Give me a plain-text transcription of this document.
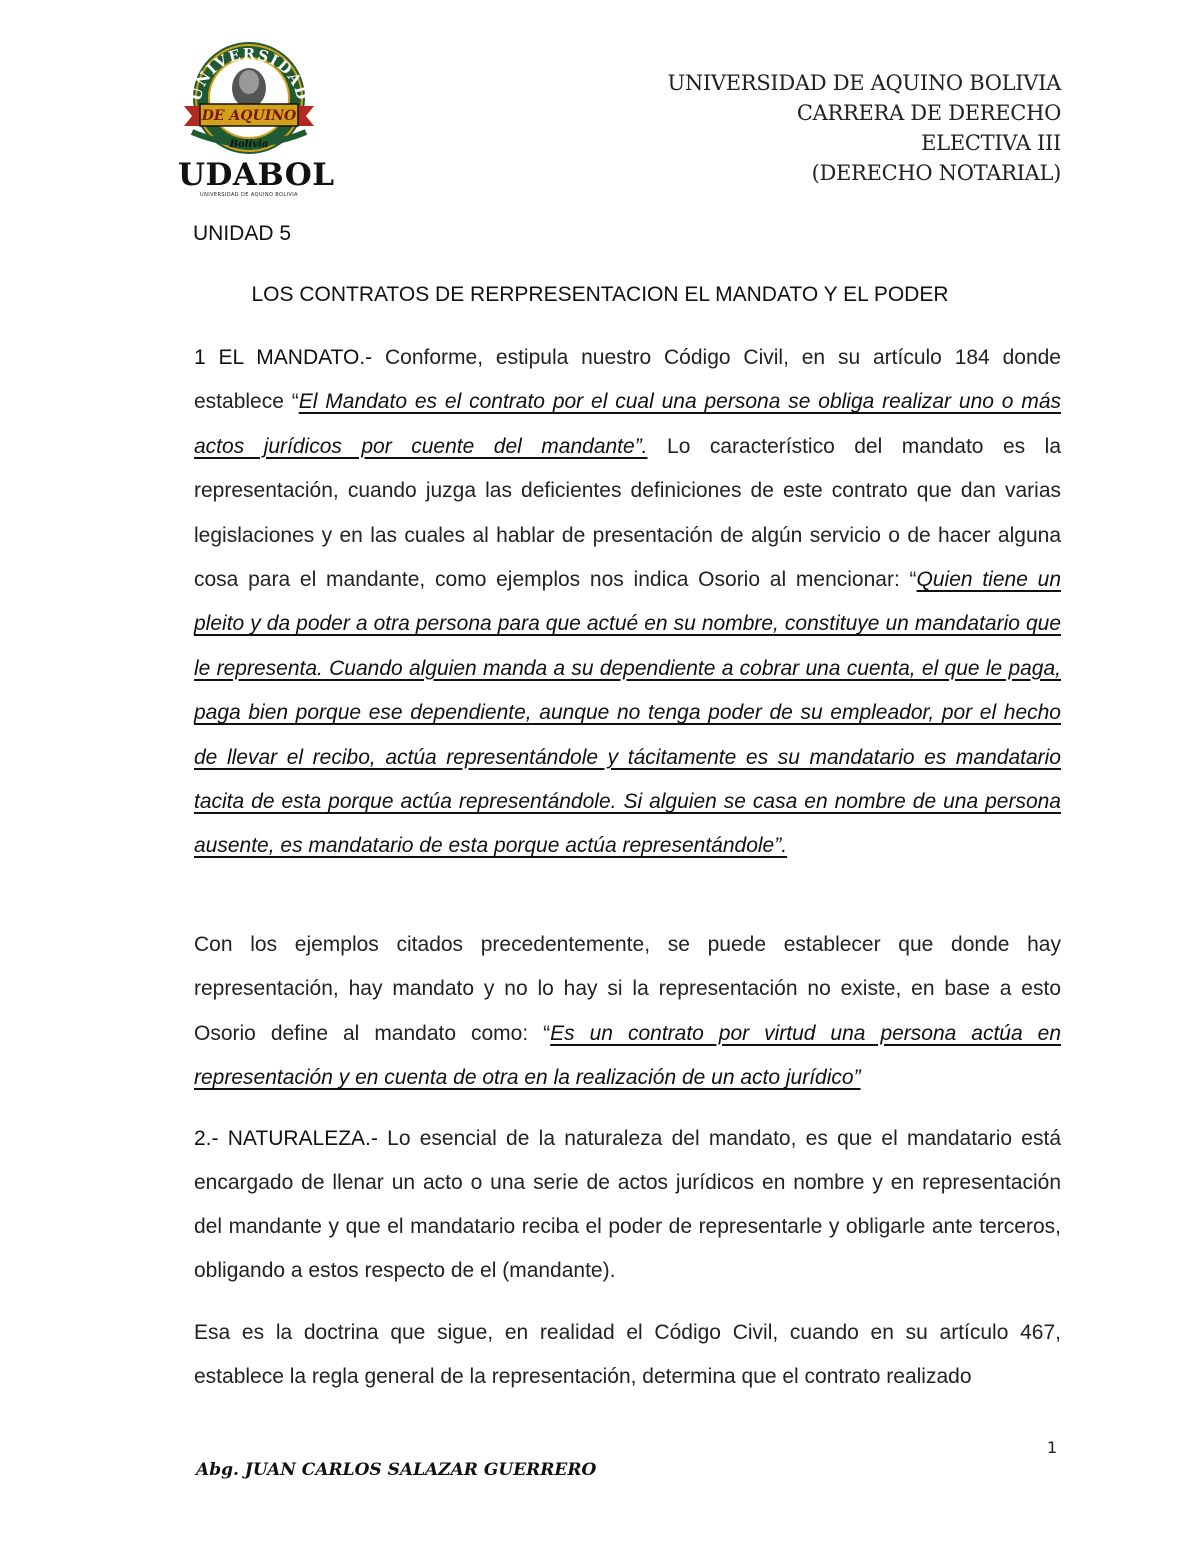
UNIVERSIDAD
DE AQUINO
Bolivia
UDABOL
UNIVERSIDAD DE AQUINO BOLIVIA
UNIVERSIDAD DE AQUINO BOLIVIA
CARRERA DE DERECHO
ELECTIVA III
(DERECHO NOTARIAL)
UNIDAD 5
LOS CONTRATOS DE RERPRESENTACION EL MANDATO Y EL PODER

1 EL MANDATO.- Conforme, estipula nuestro Código Civil, en su artículo 184 donde establece “El Mandato es el contrato por el cual una persona se obliga realizar uno o más actos jurídicos por cuente del mandante”. Lo característico del mandato es la representación, cuando juzga las deficientes definiciones de este contrato que dan varias legislaciones y en las cuales al hablar de presentación de algún servicio o de hacer alguna cosa para el mandante, como ejemplos nos indica Osorio al mencionar: “Quien tiene un pleito y da poder a otra persona para que actué en su nombre, constituye un mandatario que le representa. Cuando alguien manda a su dependiente a cobrar una cuenta, el que le paga, paga bien porque ese dependiente, aunque no tenga poder de su empleador, por el hecho de llevar el recibo, actúa representándole y tácitamente es su mandatario es mandatario tacita de esta porque actúa representándole. Si alguien se casa en nombre de una persona ausente, es mandatario de esta porque actúa representándole”.

Con los ejemplos citados precedentemente, se puede establecer que donde hay representación, hay mandato y no lo hay si la representación no existe, en base a esto Osorio define al mandato como: “Es un contrato por virtud una persona actúa en representación y en cuenta de otra en la realización de un acto jurídico”

2.- NATURALEZA.- Lo esencial de la naturaleza del mandato, es que el mandatario está encargado de llenar un acto o una serie de actos jurídicos en nombre y en representación del mandante y que el mandatario reciba el poder de representarle y obligarle ante terceros, obligando a estos respecto de el (mandante).

Esa es la doctrina que sigue, en realidad el Código Civil, cuando en su artículo 467, establece la regla general de la representación, determina que el contrato realizado

1
Abg. JUAN CARLOS SALAZAR GUERRERO
